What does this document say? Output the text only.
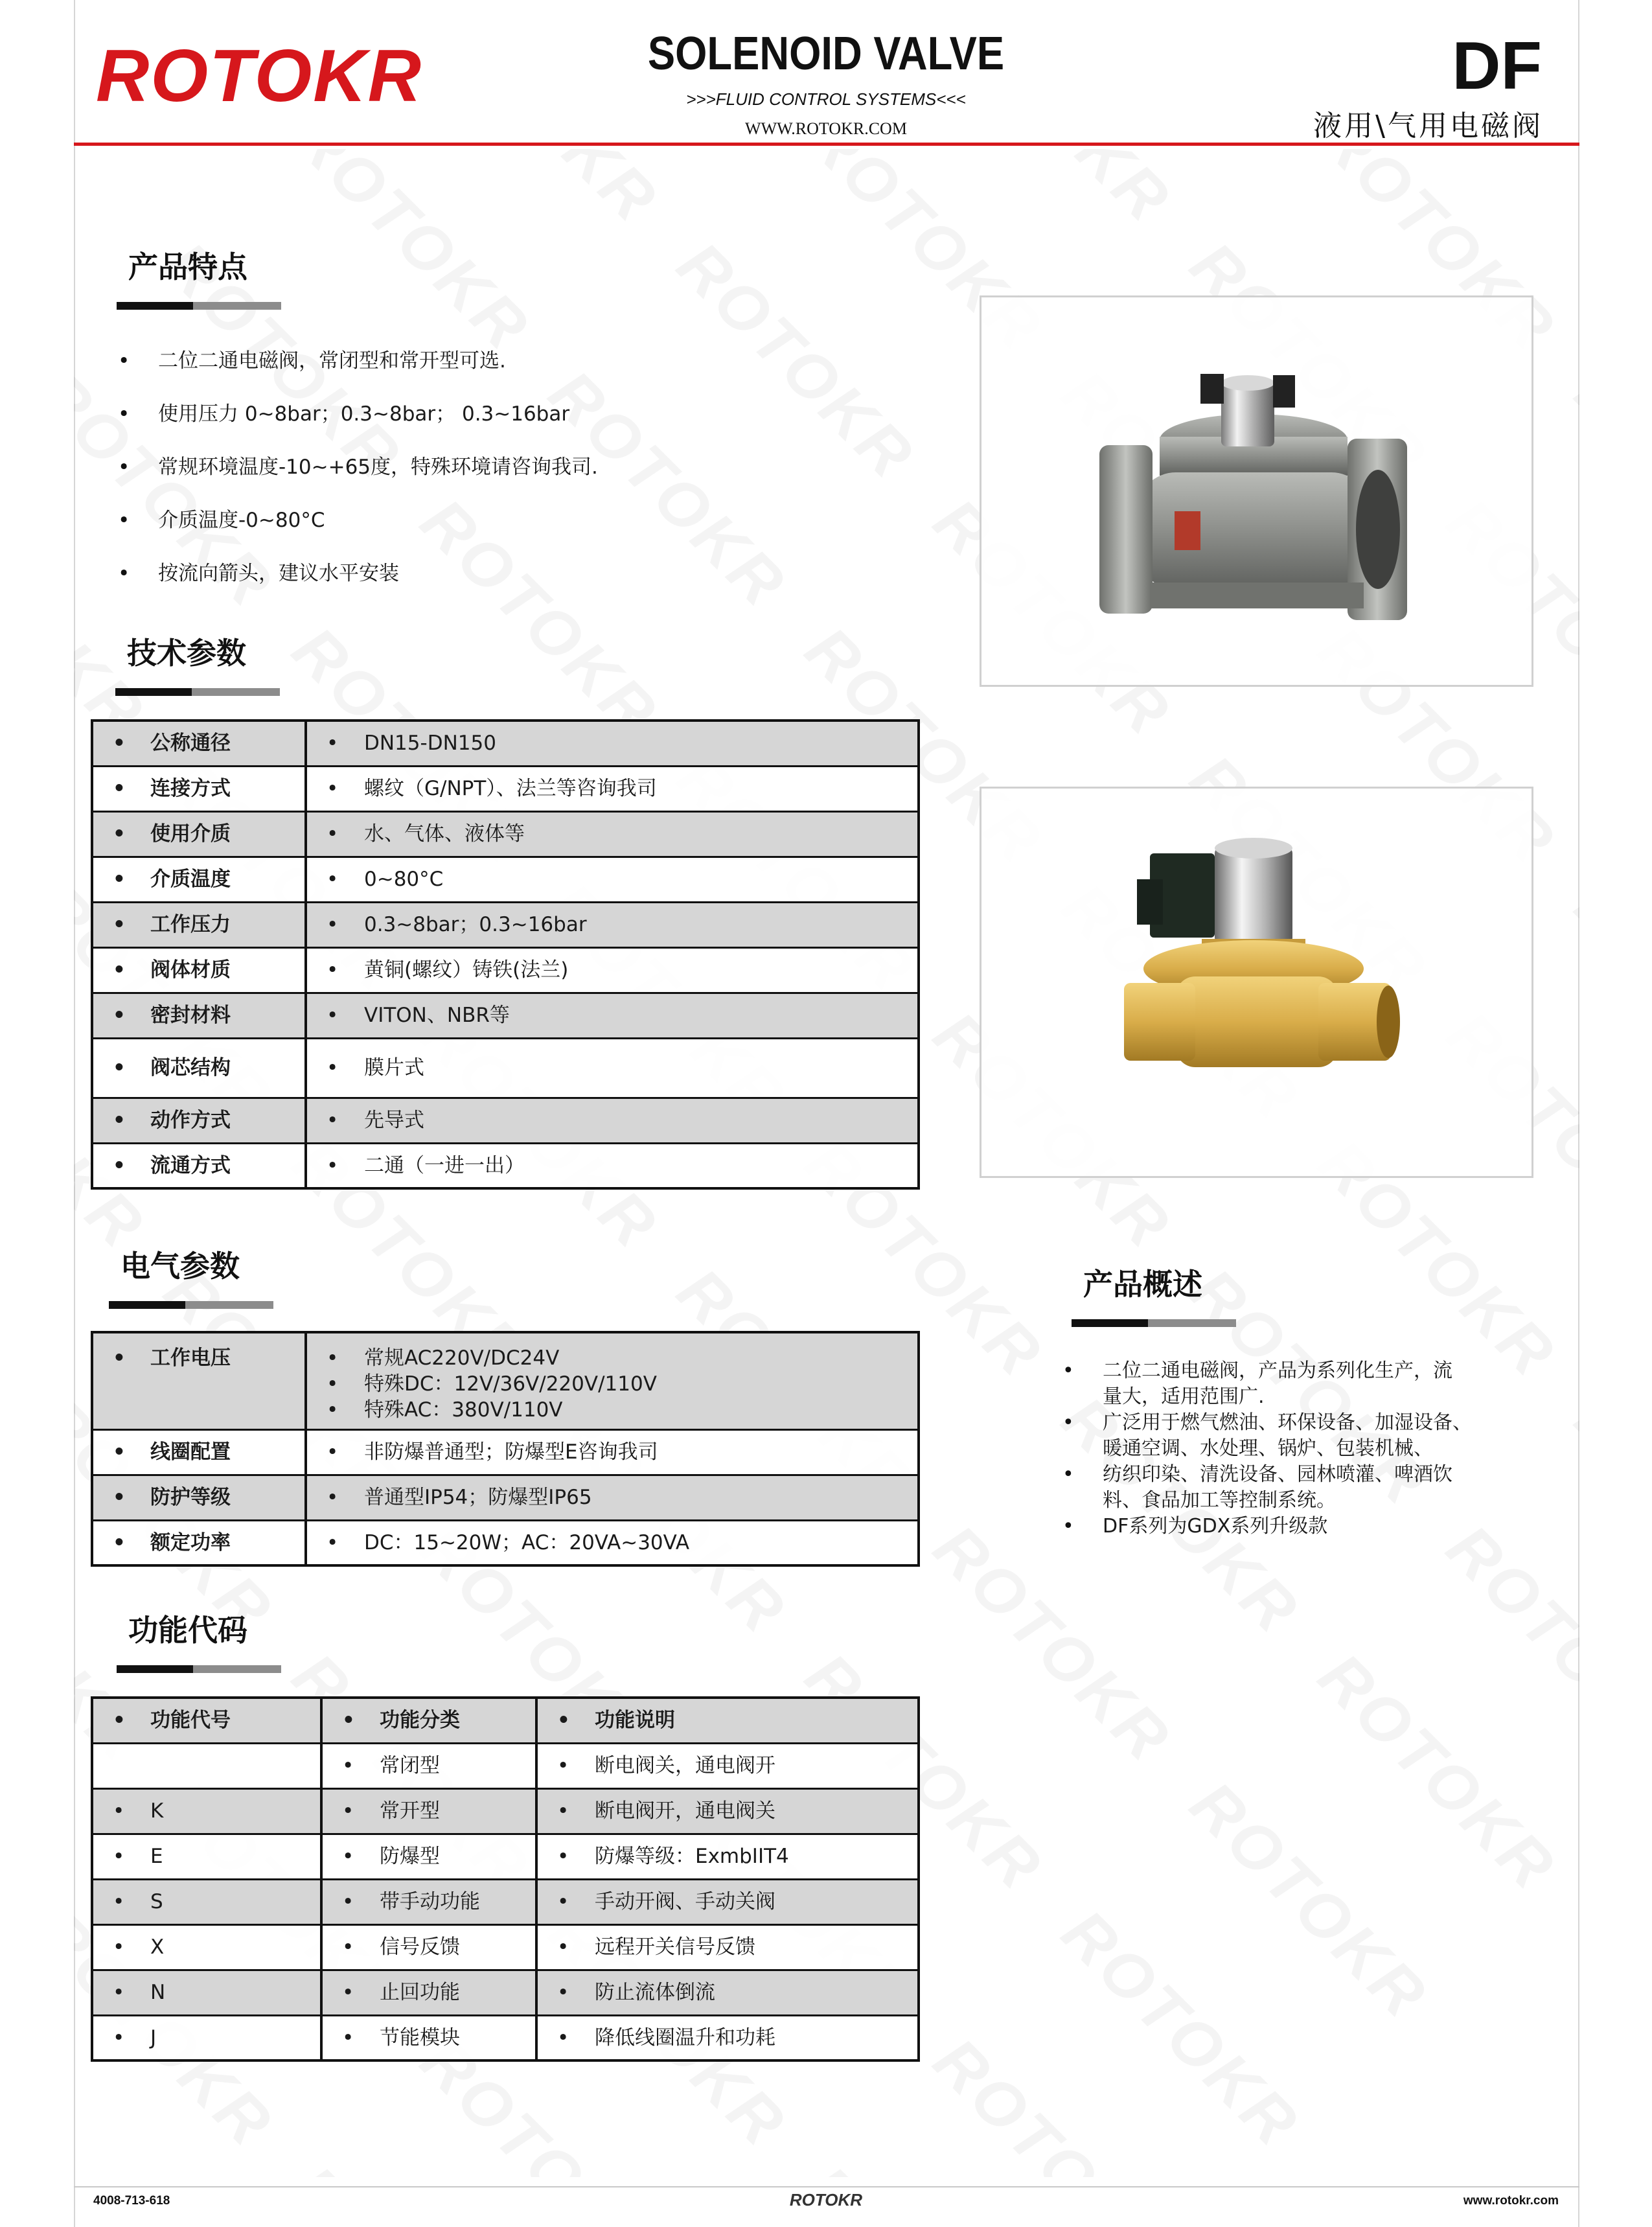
ROTOKR	SOLENOID VALVE
>>>FLUID CONTROL SYSTEMS<<<
WWW.ROTOKR.COM
DF
液用\气用电磁阀
产品特点
• 二位二通电磁阀，常闭型和常开型可选.
• 使用压力 0~8bar；0.3~8bar； 0.3~16bar
• 常规环境温度-10~+65度，特殊环境请咨询我司.
• 介质温度-0~80°C
• 按流向箭头，建议水平安装
技术参数
• 公称通径	• DN15-DN150
• 连接方式	• 螺纹（G/NPT）、法兰等咨询我司
• 使用介质	• 水、气体、液体等
• 介质温度	• 0~80°C
• 工作压力	• 0.3~8bar；0.3~16bar
• 阀体材质	• 黄铜(螺纹）铸铁(法兰)
• 密封材料	• VITON、NBR等
• 阀芯结构	• 膜片式
• 动作方式	• 先导式
• 流通方式	• 二通（一进一出）
电气参数
• 工作电压	• 常规AC220V/DC24V
• 特殊DC：12V/36V/220V/110V
• 特殊AC：380V/110V

• 线圈配置	• 非防爆普通型；防爆型E咨询我司
• 防护等级	• 普通型IP54；防爆型IP65
• 额定功率	• DC：15~20W；AC：20VA~30VA
功能代码
• 功能代号	• 功能分类	• 功能说明
	• 常闭型	• 断电阀关，通电阀开
• K	• 常开型	• 断电阀开，通电阀关
• E	• 防爆型	• 防爆等级：ExmbIIT4
• S	• 带手动功能	• 手动开阀、手动关阀
• X	• 信号反馈	• 远程开关信号反馈
• N	• 止回功能	• 防止流体倒流
• J	• 节能模块	• 降低线圈温升和功耗
产品概述
• 二位二通电磁阀，产品为系列化生产，流
量大，适用范围广.
• 广泛用于燃气燃油、环保设备、加湿设备、
暖通空调、水处理、锅炉、包装机械、
• 纺织印染、清洗设备、园林喷灌、啤酒饮
料、食品加工等控制系统。
• DF系列为GDX系列升级款
4008-713-618	ROTOKR	www.rotokr.com
